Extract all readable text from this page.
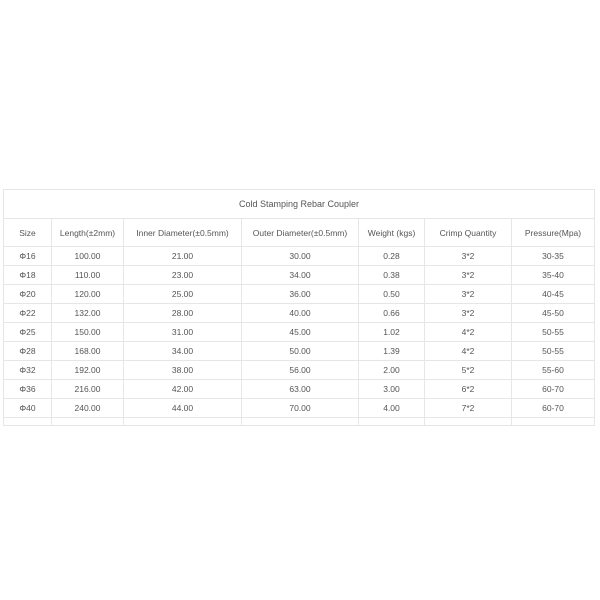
Cold Stamping Rebar Coupler						
Size	Length(±2mm)	Inner Diameter(±0.5mm)	Outer Diameter(±0.5mm)	Weight (kgs)	Crimp Quantity	Pressure(Mpa)
Φ16	100.00	21.00	30.00	0.28	3*2	30-35
Φ18	110.00	23.00	34.00	0.38	3*2	35-40
Φ20	120.00	25.00	36.00	0.50	3*2	40-45
Φ22	132.00	28.00	40.00	0.66	3*2	45-50
Φ25	150.00	31.00	45.00	1.02	4*2	50-55
Φ28	168.00	34.00	50.00	1.39	4*2	50-55
Φ32	192.00	38.00	56.00	2.00	5*2	55-60
Φ36	216.00	42.00	63.00	3.00	6*2	60-70
Φ40	240.00	44.00	70.00	4.00	7*2	60-70
